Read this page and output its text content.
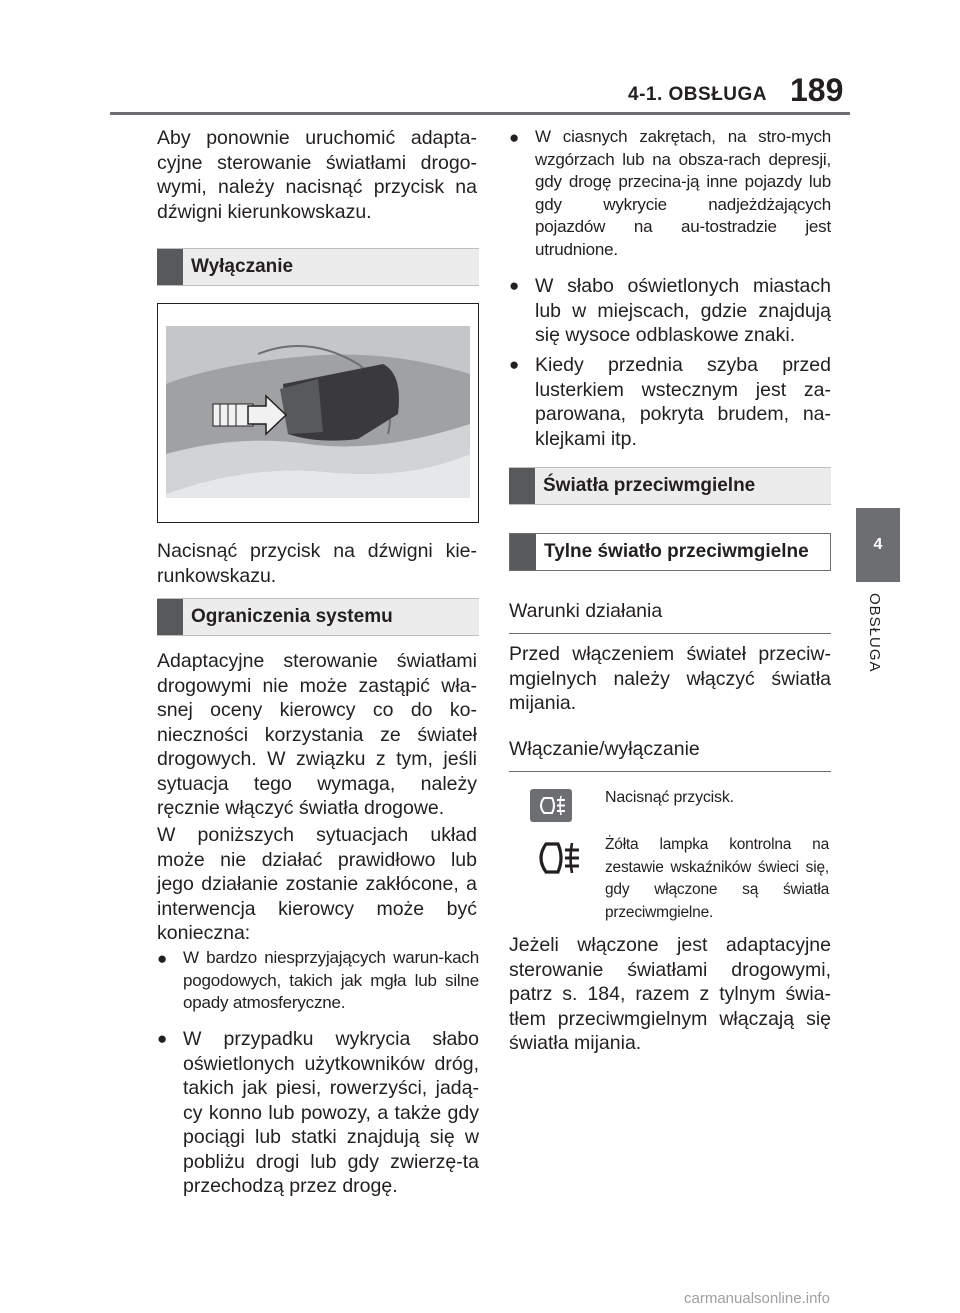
4-1. OBSŁUGA 189
4
OBSŁUGA
Aby ponownie uruchomić adapta-cyjne sterowanie światłami drogo-wymi, należy nacisnąć przycisk na dźwigni kierunkowskazu.
Wyłączanie
Nacisnąć przycisk na dźwigni kie-runkowskazu.
Ograniczenia systemu
Adaptacyjne sterowanie światłami drogowymi nie może zastąpić wła-snej oceny kierowcy co do ko-nieczności korzystania ze świateł drogowych. W związku z tym, jeśli sytuacja tego wymaga, należy ręcznie włączyć światła drogowe.
W poniższych sytuacjach układ może nie działać prawidłowo lub jego działanie zostanie zakłócone, a interwencja kierowcy może być konieczna:
● W bardzo niesprzyjających warun-kach pogodowych, takich jak mgła lub silne opady atmosferyczne.
● W przypadku wykrycia słabo oświetlonych użytkowników dróg, takich jak piesi, rowerzyści, jadą-cy konno lub powozy, a także gdy pociągi lub statki znajdują się w pobliżu drogi lub gdy zwierzę-ta przechodzą przez drogę.
● W ciasnych zakrętach, na stro-mych wzgórzach lub na obsza-rach depresji, gdy drogę przecina-ją inne pojazdy lub gdy wykrycie nadjeżdżających pojazdów na au-tostradzie jest utrudnione.
● W słabo oświetlonych miastach lub w miejscach, gdzie znajdują się wysoce odblaskowe znaki.
● Kiedy przednia szyba przed lusterkiem wstecznym jest za-parowana, pokryta brudem, na-klejkami itp.
Światła przeciwmgielne
Tylne światło przeciwmgielne
Warunki działania
Przed włączeniem świateł przeciw-mgielnych należy włączyć światła mijania.
Włączanie/wyłączanie
Nacisnąć przycisk.
Żółta lampka kontrolna na zestawie wskaźników świeci się, gdy włączone są światła przeciwmgielne.
Jeżeli włączone jest adaptacyjne sterowanie światłami drogowymi, patrz s. 184, razem z tylnym świa-tłem przeciwmgielnym włączają się światła mijania.
carmanualsonline.info
